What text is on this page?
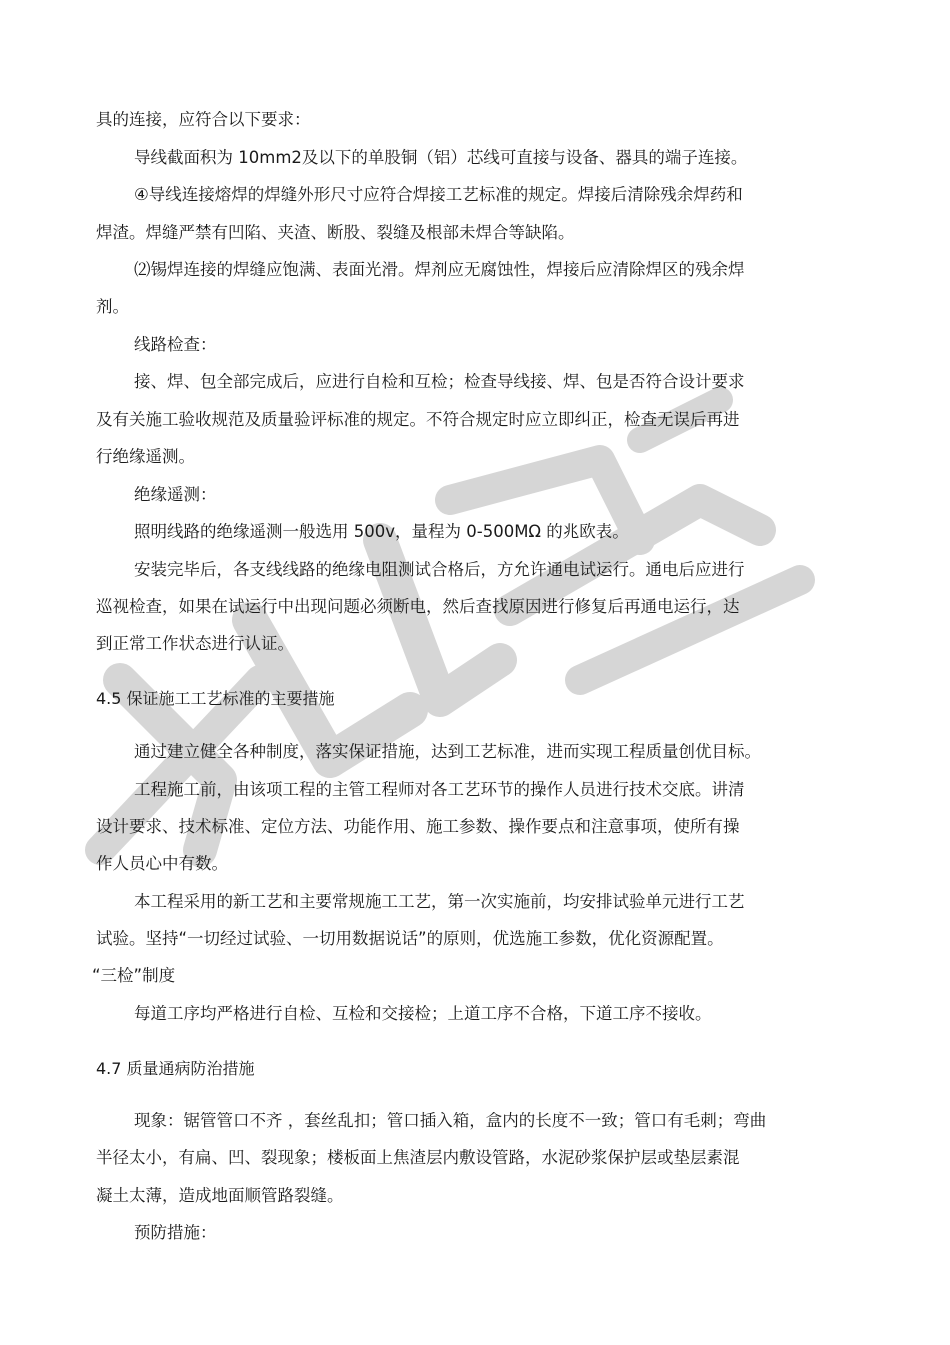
具的连接，应符合以下要求：
导线截面积为 10mm2及以下的单股铜（铝）芯线可直接与设备、器具的端子连接。
④导线连接熔焊的焊缝外形尺寸应符合焊接工艺标准的规定。焊接后清除残余焊药和
焊渣。焊缝严禁有凹陷、夹渣、断股、裂缝及根部未焊合等缺陷。
⑵锡焊连接的焊缝应饱满、表面光滑。焊剂应无腐蚀性，焊接后应清除焊区的残余焊
剂。
线路检查：
接、焊、包全部完成后，应进行自检和互检；检查导线接、焊、包是否符合设计要求
及有关施工验收规范及质量验评标准的规定。不符合规定时应立即纠正，检查无误后再进
行绝缘遥测。
绝缘遥测：
照明线路的绝缘遥测一般选用 500v，量程为 0-500MΩ 的兆欧表。
安装完毕后，各支线线路的绝缘电阻测试合格后，方允许通电试运行。通电后应进行
巡视检查，如果在试运行中出现问题必须断电，然后查找原因进行修复后再通电运行，达
到正常工作状态进行认证。
4.5 保证施工工艺标准的主要措施
通过建立健全各种制度，落实保证措施，达到工艺标准，进而实现工程质量创优目标。
工程施工前，由该项工程的主管工程师对各工艺环节的操作人员进行技术交底。讲清
设计要求、技术标准、定位方法、功能作用、施工参数、操作要点和注意事项，使所有操
作人员心中有数。
本工程采用的新工艺和主要常规施工工艺，第一次实施前，均安排试验单元进行工艺
试验。坚持“一切经过试验、一切用数据说话”的原则，优选施工参数，优化资源配置。
“三检”制度
每道工序均严格进行自检、互检和交接检；上道工序不合格，下道工序不接收。
4.7 质量通病防治措施
现象：锯管管口不齐 ，套丝乱扣；管口插入箱，盒内的长度不一致；管口有毛刺；弯曲
半径太小，有扁、凹、裂现象；楼板面上焦渣层内敷设管路，水泥砂浆保护层或垫层素混
凝土太薄，造成地面顺管路裂缝。
预防措施：
